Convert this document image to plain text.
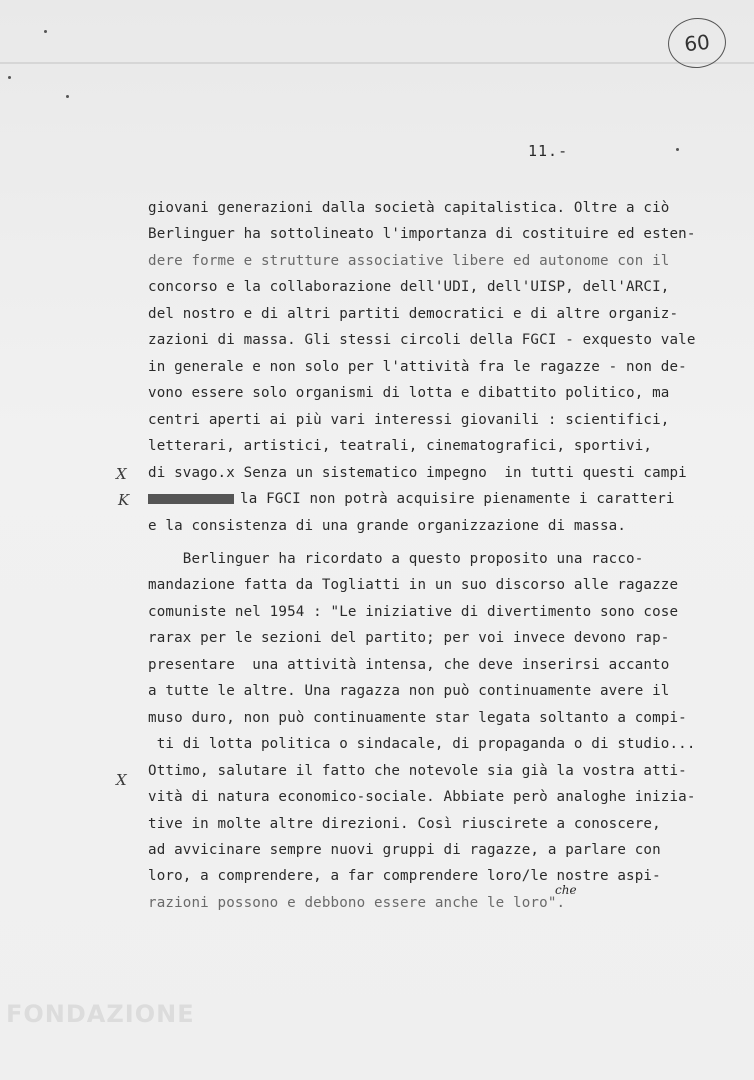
60
11.-
giovani generazioni dalla società capitalistica. Oltre a ciò
Berlinguer ha sottolineato l'importanza di costituire ed esten-
dere forme e strutture associative libere ed autonome con il
concorso e la collaborazione dell'UDI, dell'UISP, dell'ARCI,
del nostro e di altri partiti democratici e di altre organiz-
zazioni di massa. Gli stessi circoli della FGCI - exquesto vale
in generale e non solo per l'attività fra le ragazze - non de-
vono essere solo organismi di lotta e dibattito politico, ma
centri aperti ai più vari interessi giovanili : scientifici,
letterari, artistici, teatrali, cinematografici, sportivi,
di svago.x Senza un sistematico impegno  in tutti questi campi
la FGCI non potrà acquisire pienamente i caratteri
e la consistenza di una grande organizzazione di massa.
Berlinguer ha ricordato a questo proposito una racco-
mandazione fatta da Togliatti in un suo discorso alle ragazze
comuniste nel 1954 : "Le iniziative di divertimento sono cose
rarax per le sezioni del partito; per voi invece devono rap-
presentare  una attività intensa, che deve inserirsi accanto
a tutte le altre. Una ragazza non può continuamente avere il
muso duro, non può continuamente star legata soltanto a compi-
ti di lotta politica o sindacale, di propaganda o di studio...
Ottimo, salutare il fatto che notevole sia già la vostra atti-
vità di natura economico-sociale. Abbiate però analoghe inizia-
tive in molte altre direzioni. Così riuscirete a conoscere,
ad avvicinare sempre nuovi gruppi di ragazze, a parlare con
loro, a comprendere, a far comprendere loro/le nostre aspi-
razioni possono e debbono essere anche le loro".
che
X
K
X
FONDAZIONE
